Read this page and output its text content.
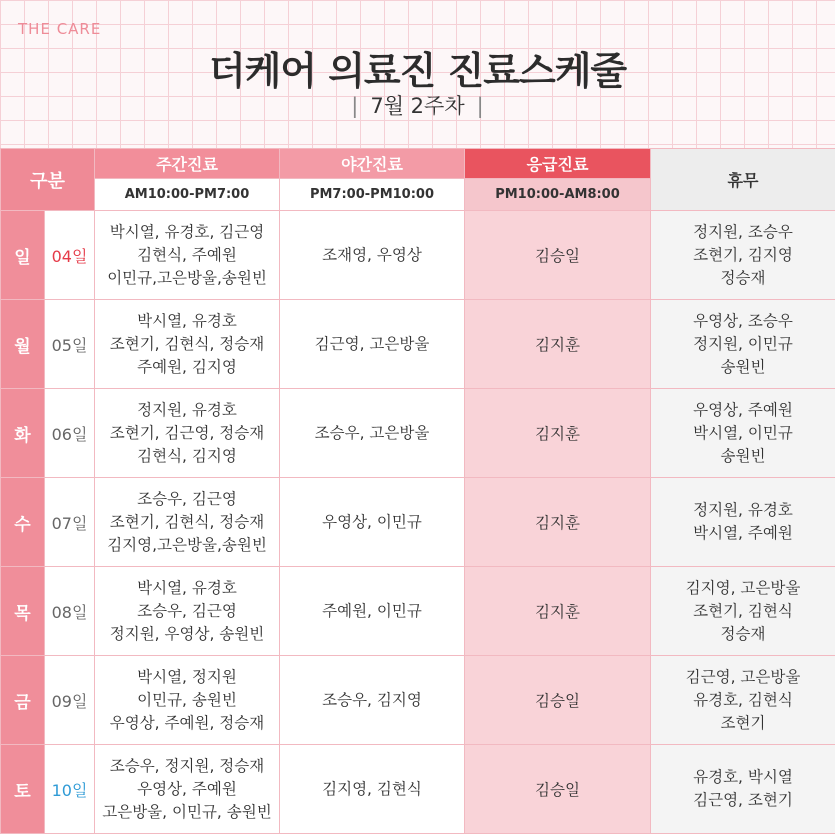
THE CARE
더케어 의료진 진료스케줄
| 7월 2주차 |
구분		주간진료	야간진료	응급진료	휴무
		AM10:00-PM7:00	PM7:00-PM10:00	PM10:00-AM8:00	
일	04일	박시열, 유경호, 김근영
김현식, 주예원
이민규,고은방울,송원빈	조재영, 우영상	김승일	정지원, 조승우
조현기, 김지영
정승재

월	05일	박시열, 유경호
조현기, 김현식, 정승재
주예원, 김지영	김근영, 고은방울	김지훈	우영상, 조승우
정지원, 이민규
송원빈

화	06일	정지원, 유경호
조현기, 김근영, 정승재
김현식, 김지영	조승우, 고은방울	김지훈	우영상, 주예원
박시열, 이민규
송원빈

수	07일	조승우, 김근영
조현기, 김현식, 정승재
김지영,고은방울,송원빈	우영상, 이민규	김지훈	정지원, 유경호
박시열, 주예원

목	08일	박시열, 유경호
조승우, 김근영
정지원, 우영상, 송원빈	주예원, 이민규	김지훈	김지영, 고은방울
조현기, 김현식
정승재

금	09일	박시열, 정지원
이민규, 송원빈
우영상, 주예원, 정승재	조승우, 김지영	김승일	김근영, 고은방울
유경호, 김현식
조현기

토	10일	조승우, 정지원, 정승재
우영상, 주예원
고은방울, 이민규, 송원빈	김지영, 김현식	김승일	유경호, 박시열
김근영, 조현기
